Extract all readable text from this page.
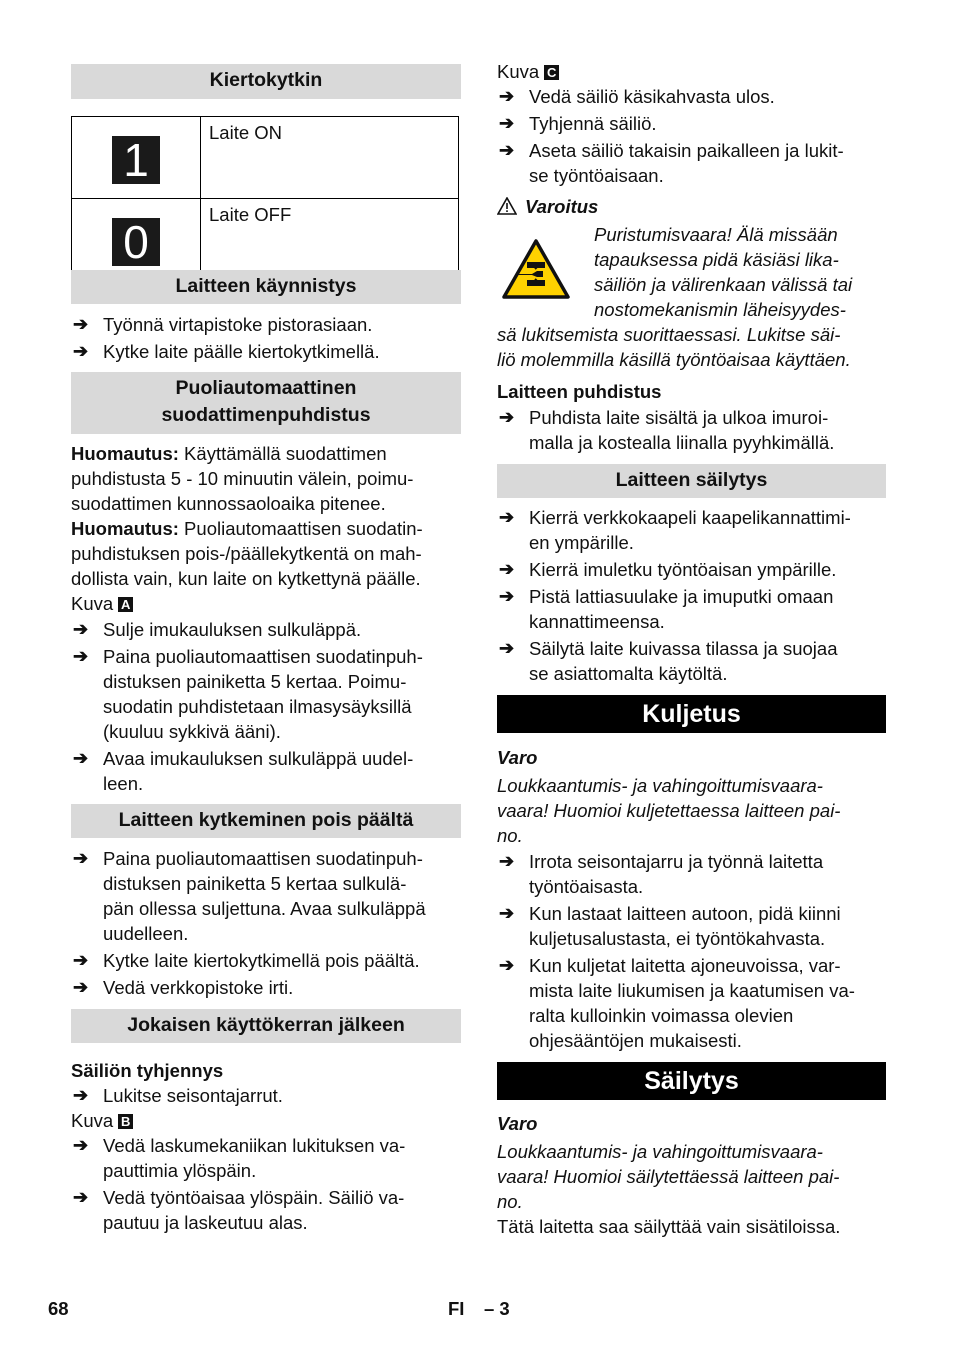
Kiertokytkin
1	Laite ON
0	Laite OFF
Laitteen käynnistys
➔ Työnnä virtapistoke pistorasiaan.
➔ Kytke laite päälle kiertokytkimellä.
Puoliautomaattinen
suodattimenpuhdistus
Huomautus: Käyttämällä suodattimen
puhdistusta 5 - 10 minuutin välein, poimu-
suodattimen kunnossaoloaika pitenee.
Huomautus: Puoliautomaattisen suodatin-
puhdistuksen pois-/päällekytkentä on mah-
dollista vain, kun laite on kytkettynä päälle.
Kuva A
➔ Sulje imukauluksen sulkuläppä.
➔ Paina puoliautomaattisen suodatinpuh-
distuksen painiketta 5 kertaa. Poimu-
suodatin puhdistetaan ilmasysäyksillä
(kuuluu sykkivä ääni).
➔ Avaa imukauluksen sulkuläppä uudel-
leen.
Laitteen kytkeminen pois päältä
➔ Paina puoliautomaattisen suodatinpuh-
distuksen painiketta 5 kertaa sulkulä-
pän ollessa suljettuna. Avaa sulkuläppä
uudelleen.
➔ Kytke laite kiertokytkimellä pois päältä.
➔ Vedä verkkopistoke irti.
Jokaisen käyttökerran jälkeen
Säiliön tyhjennys
➔ Lukitse seisontajarrut.
Kuva B
➔ Vedä laskumekaniikan lukituksen va-
pauttimia ylöspäin.
➔ Vedä työntöaisaa ylöspäin. Säiliö va-
pautuu ja laskeutuu alas.
Kuva C
➔ Vedä säiliö käsikahvasta ulos.
➔ Tyhjennä säiliö.
➔ Aseta säiliö takaisin paikalleen ja lukit-
se työntöaisaan.
Varoitus
Puristumisvaara! Älä missään
tapauksessa pidä käsiäsi lika-
säiliön ja välirenkaan välissä tai
nostomekanismin läheisyydes-
sä lukitsemista suorittaessasi. Lukitse säi-
liö molemmilla käsillä työntöaisaa käyttäen.
Laitteen puhdistus
➔ Puhdista laite sisältä ja ulkoa imuroi-
malla ja kostealla liinalla pyyhkimällä.
Laitteen säilytys
➔ Kierrä verkkokaapeli kaapelikannattimi-
en ympärille.
➔ Kierrä imuletku työntöaisan ympärille.
➔ Pistä lattiasuulake ja imuputki omaan
kannattimeensa.
➔ Säilytä laite kuivassa tilassa ja suojaa
se asiattomalta käytöltä.
Kuljetus
Varo
Loukkaantumis- ja vahingoittumisvaara-
vaara! Huomioi kuljetettaessa laitteen pai-
no.
➔ Irrota seisontajarru ja työnnä laitetta
työntöaisasta.
➔ Kun lastaat laitteen autoon, pidä kiinni
kuljetusalustasta, ei työntökahvasta.
➔ Kun kuljetat laitetta ajoneuvoissa, var-
mista laite liukumisen ja kaatumisen va-
ralta kulloinkin voimassa olevien
ohjesääntöjen mukaisesti.
Säilytys
Varo
Loukkaantumis- ja vahingoittumisvaara-
vaara! Huomioi säilytettäessä laitteen pai-
no.
Tätä laitetta saa säilyttää vain sisätiloissa.
68	FI – 3
